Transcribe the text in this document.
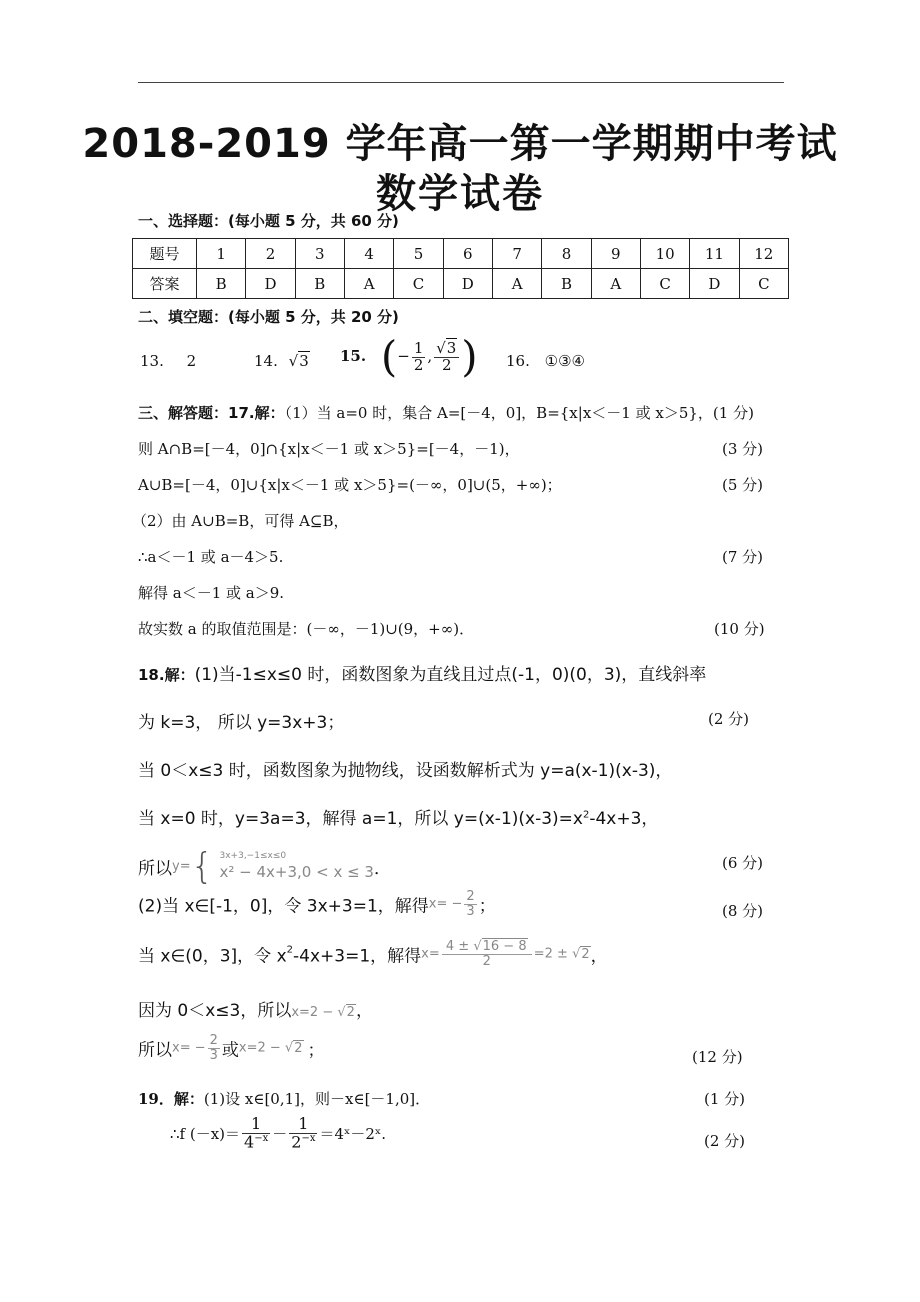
2018-2019 学年高一第一学期期中考试
数学试卷
一、选择题：(每小题 5 分，共 60 分)
题号	1	2	3	4	5	6	7	8	9	10	11	12
答案	B	D	B	A	C	D	A	B	A	C	D	C
二、填空题：(每小题 5 分，共 20 分)
13. 2	14. √3 15. (− $\frac{1}{2}$ , $\frac{√3}{2}$ ) 16. ①③④
三、解答题：17.解：（1）当 a=0 时，集合 A=[－4，0]，B={x|x＜－1 或 x＞5}，(1 分)
则 A∩B=[－4，0]∩{x|x＜－1 或 x＞5}=[－4，－1)，	(3 分)
A∪B=[－4，0]∪{x|x＜－1 或 x＞5}=(－∞，0]∪(5，+∞)；	(5 分)
（2）由 A∪B=B，可得 A⊆B，
∴a＜－1 或 a－4＞5.	(7 分)
解得 a＜－1 或 a＞9.
故实数 a 的取值范围是：(－∞，－1)∪(9，+∞)．	(10 分)
18.解：(1)当-1≤x≤0 时，函数图象为直线且过点(-1，0)(0，3)，直线斜率
为 k=3， 所以 y=3x+3；	(2 分)
当 0＜x≤3 时，函数图象为抛物线，设函数解析式为 y=a(x-1)(x-3)，
当 x=0 时，y=3a=3，解得 a=1，所以 $y=(x-1)(x-3)=x^2-4x+3$，
所以y={ 3x+3,−1≤x≤0
x² − 4x+3,0 < x ≤ 3 ．	(6 分)
(2)当 x∈[-1，0]，令 3x+3=1，解得$x= - \frac{2}{3}$ ；	(8 分)
当 x∈(0，3]，令 $x^2-4x+3=1$，解得$x= \frac{4 \pm √16 - 8}{2} =2 \pm √2$，
因为 0＜x≤3，所以x=2 − √2，
所以$x= - \frac{2}{3}$ 或x=2 − √2 ；	(12 分)
19．解：(1)设 x∈[0,1]，则－x∈[－1,0]．	(1 分)
∴f $(-x)= \frac{1}{4^{-x}} - \frac{1}{2^{-x}}$ ＝4ˣ－2ˣ.	(2 分)
